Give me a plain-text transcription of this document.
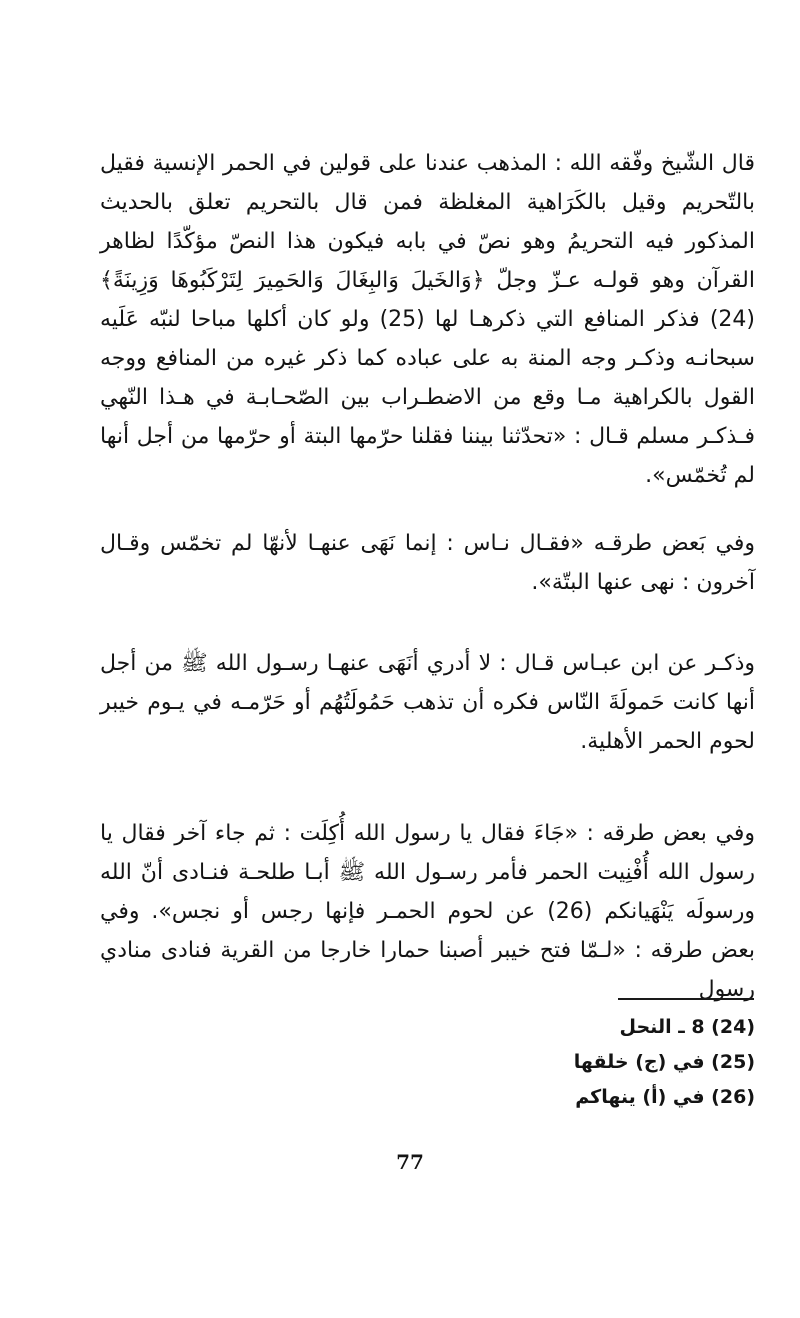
قال الشّيخ وفّقه الله : المذهب عندنا على قولين في الحمر الإنسية فقيل بالتّحريم وقيل بالكَرَاهية المغلظة فمن قال بالتحريم تعلق بالحديث المذكور فيه التحريمُ وهو نصّ في بابه فيكون هذا النصّ مؤكّدًا لظاهر القرآن وهو قولـه عـزّ وجلّ ﴿وَالخَيلَ وَالبِغَالَ وَالحَمِيرَ لِتَرْكَبُوهَا وَزِينَةً﴾ (24) فذكر المنافع التي ذكرهـا لها (25) ولو كان أكلها مباحا لنبّه عَلَيه سبحانـه وذكـر وجه المنة به على عباده كما ذكر غيره من المنافع ووجه القول بالكراهية مـا وقع من الاضطـراب بين الصّحـابـة في هـذا النّهي فـذكـر مسلم قـال : «تحدّثنا بيننا فقلنا حرّمها البتة أو حرّمها من أجل أنها لم تُخمّس».

وفي بَعض طرقـه «فقـال نـاس : إنما نَهَى عنهـا لأنهّا لم تخمّس وقـال آخرون : نهى عنها البتّة».

وذكـر عن ابن عبـاس قـال : لا أدري أنَهَى عنهـا رسـول الله ﷺ من أجل أنها كانت حَمولَةَ النّاس فكره أن تذهب حَمُولَتُهُم أو حَرّمـه في يـوم خيبر لحوم الحمر الأهلية.

وفي بعض طرقه : «جَاءَ فقال يا رسول الله أُكِلَت : ثم جاء آخر فقال يا رسول الله أُفْنِيت الحمر فأمر رسـول الله ﷺ أبـا طلحـة فنـادى أنّ الله ورسولَه يَنْهَيانكم (26) عن لحوم الحمـر فإنها رجس أو نجس». وفي بعض طرقه : «لـمّا فتح خيبر أصبنا حمارا خارجا من القرية فنادى منادي رسول

(24) 8 ـ النحل
(25) في (ج) خلقها
(26) في (أ) ينهاكم
77
